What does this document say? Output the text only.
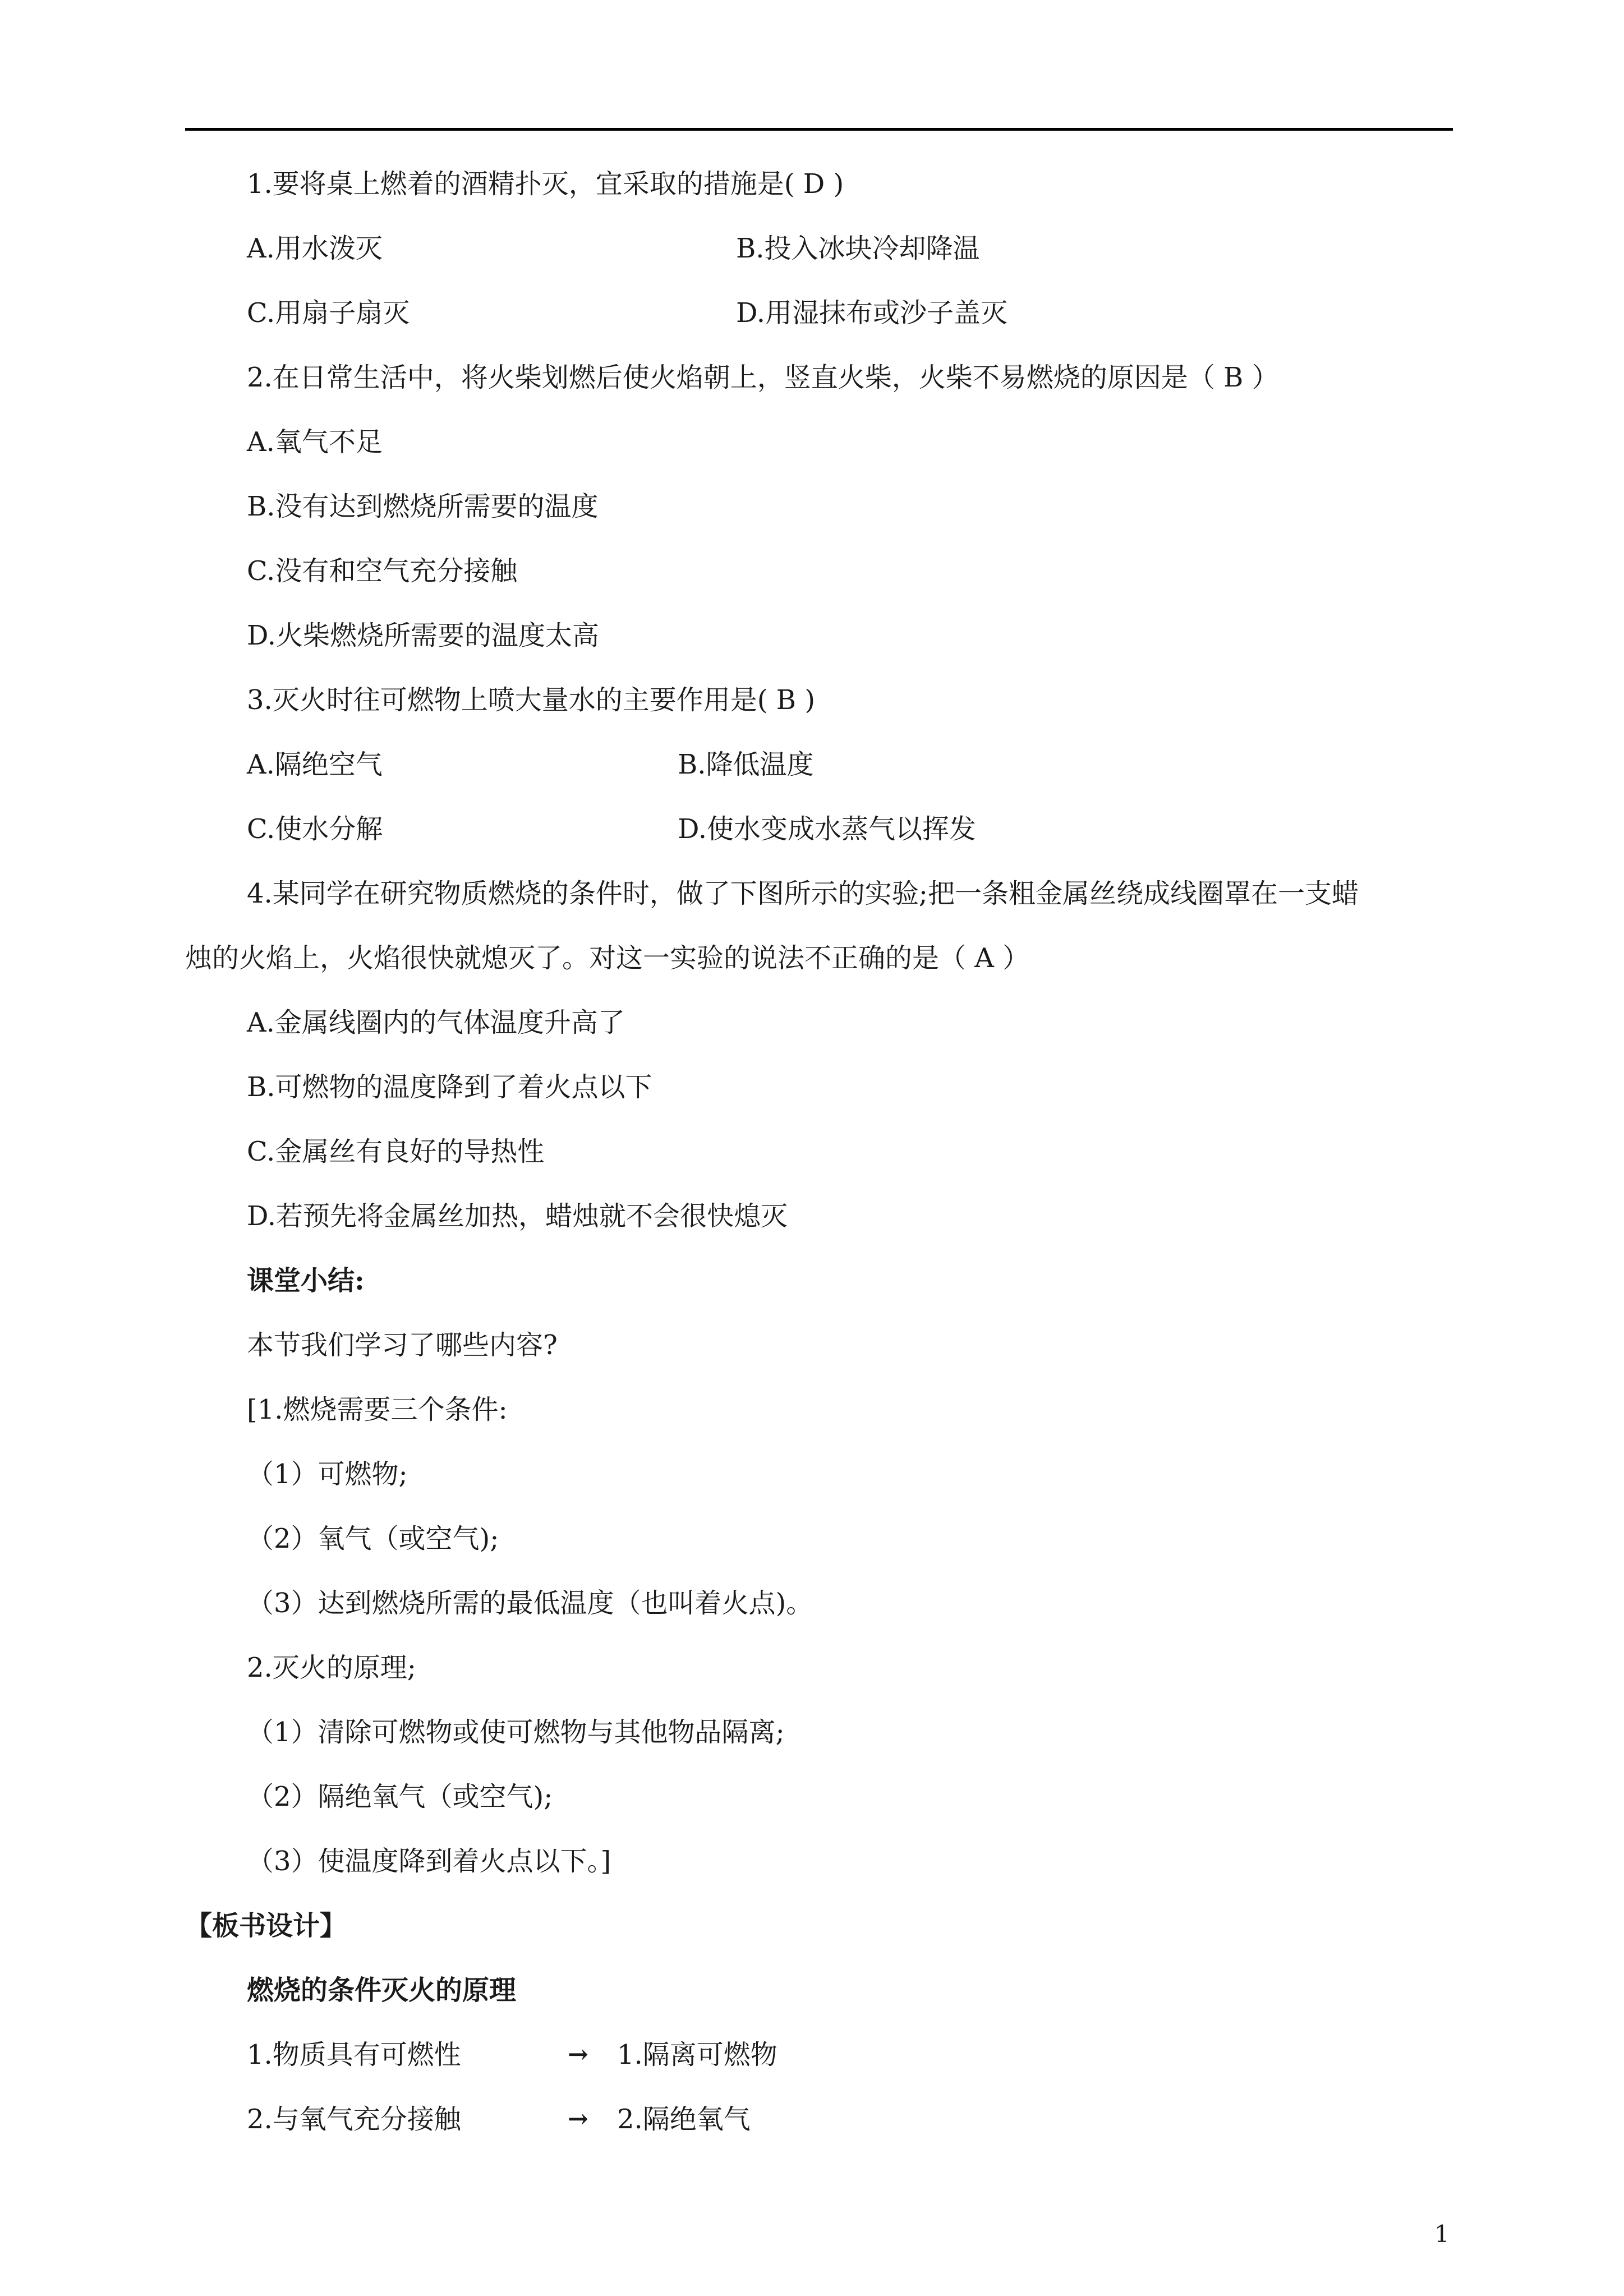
1.要将桌上燃着的酒精扑灭，宜采取的措施是( D )
A.用水泼灭	B.投入冰块冷却降温
C.用扇子扇灭	D.用湿抹布或沙子盖灭
2.在日常生活中，将火柴划燃后使火焰朝上，竖直火柴，火柴不易燃烧的原因是（ B ）
A.氧气不足
B.没有达到燃烧所需要的温度
C.没有和空气充分接触
D.火柴燃烧所需要的温度太高
3.灭火时往可燃物上喷大量水的主要作用是( B )
A.隔绝空气	B.降低温度
C.使水分解	D.使水变成水蒸气以挥发
4.某同学在研究物质燃烧的条件时，做了下图所示的实验;把一条粗金属丝绕成线圈罩在一支蜡
烛的火焰上，火焰很快就熄灭了。对这一实验的说法不正确的是（ A ）
A.金属线圈内的气体温度升高了
B.可燃物的温度降到了着火点以下
C.金属丝有良好的导热性
D.若预先将金属丝加热，蜡烛就不会很快熄灭
课堂小结:
本节我们学习了哪些内容?
[1.燃烧需要三个条件:
（1）可燃物;
（2）氧气（或空气);
（3）达到燃烧所需的最低温度（也叫着火点)。
2.灭火的原理;
（1）清除可燃物或使可燃物与其他物品隔离;
（2）隔绝氧气（或空气);
（3）使温度降到着火点以下。]
【板书设计】
燃烧的条件灭火的原理
1.物质具有可燃性	→ 1.隔离可燃物
2.与氧气充分接触	→ 2.隔绝氧气
1
